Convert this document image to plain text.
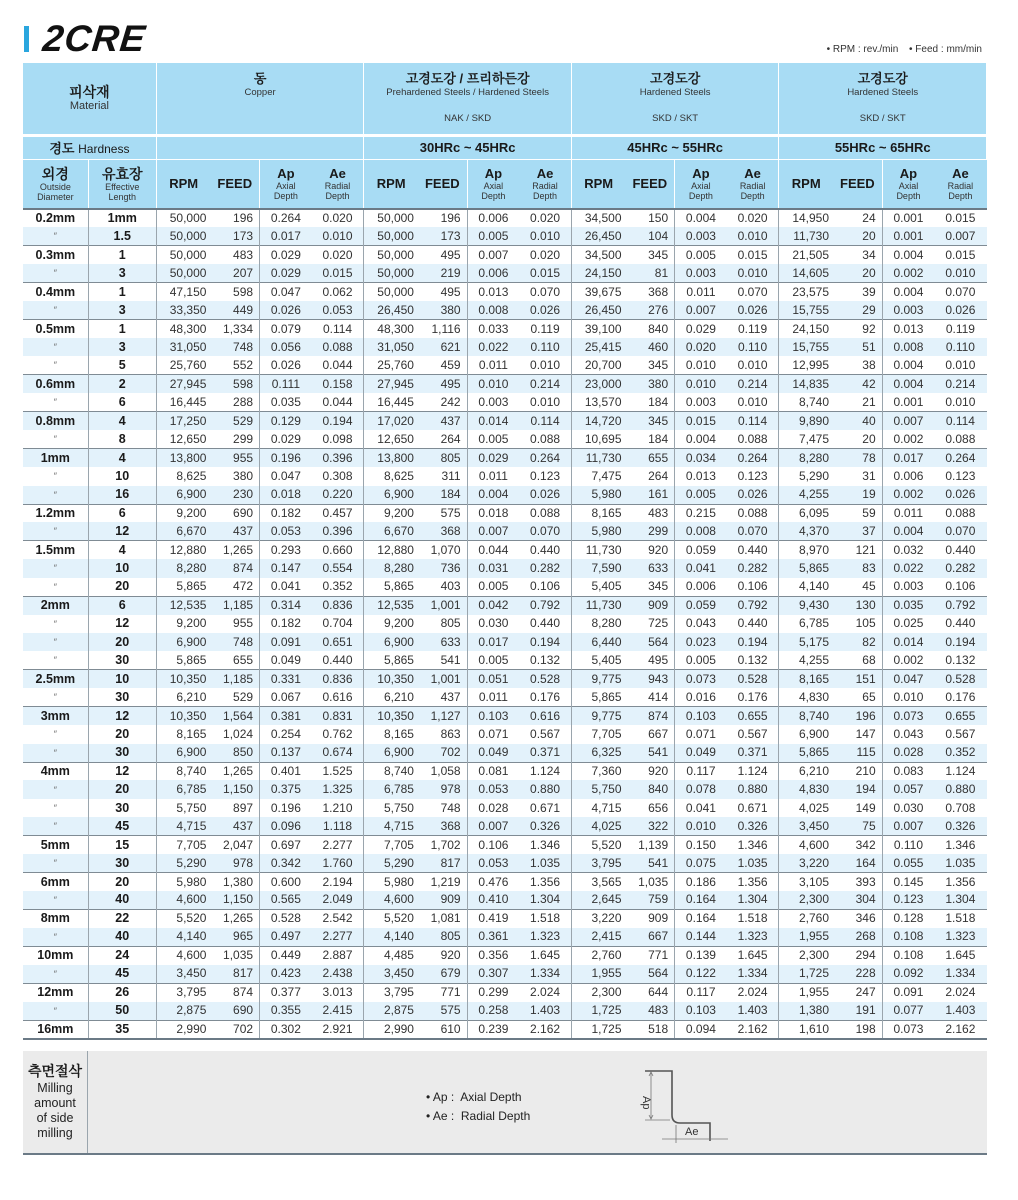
2CRE	• RPM : rev./min • Feed : mm/min
피삭재
Material		동
Copper				고경도강 / 프리하든강
Prehardened Steels / Hardened Steels
NAK / SKD				고경도강
Hardened Steels
SKD / SKT				고경도강
Hardened Steels
SKD / SKT			

경도 Hardness						30HRc ~ 45HRc				45HRc ~ 55HRc				55HRc ~ 65HRc			

외경
Outside
Diameter	유효장
Effective
Length	RPM	FEED	Ap
Axial
Depth	Ae
Radial
Depth	RPM	FEED	Ap
Axial
Depth	Ae
Radial
Depth	RPM	FEED	Ap
Axial
Depth	Ae
Radial
Depth	RPM	FEED	Ap
Axial
Depth	Ae
Radial
Depth

0.2mm	1mm	50,000	196	0.264	0.020	50,000	196	0.006	0.020	34,500	150	0.004	0.020	14,950	24	0.001	0.015
″	1.5	50,000	173	0.017	0.010	50,000	173	0.005	0.010	26,450	104	0.003	0.010	11,730	20	0.001	0.007
0.3mm	1	50,000	483	0.029	0.020	50,000	495	0.007	0.020	34,500	345	0.005	0.015	21,505	34	0.004	0.015
″	3	50,000	207	0.029	0.015	50,000	219	0.006	0.015	24,150	81	0.003	0.010	14,605	20	0.002	0.010
0.4mm	1	47,150	598	0.047	0.062	50,000	495	0.013	0.070	39,675	368	0.011	0.070	23,575	39	0.004	0.070
″	3	33,350	449	0.026	0.053	26,450	380	0.008	0.026	26,450	276	0.007	0.026	15,755	29	0.003	0.026
0.5mm	1	48,300	1,334	0.079	0.114	48,300	1,116	0.033	0.119	39,100	840	0.029	0.119	24,150	92	0.013	0.119
″	3	31,050	748	0.056	0.088	31,050	621	0.022	0.110	25,415	460	0.020	0.110	15,755	51	0.008	0.110
″	5	25,760	552	0.026	0.044	25,760	459	0.011	0.010	20,700	345	0.010	0.010	12,995	38	0.004	0.010
0.6mm	2	27,945	598	0.111	0.158	27,945	495	0.010	0.214	23,000	380	0.010	0.214	14,835	42	0.004	0.214
″	6	16,445	288	0.035	0.044	16,445	242	0.003	0.010	13,570	184	0.003	0.010	8,740	21	0.001	0.010
0.8mm	4	17,250	529	0.129	0.194	17,020	437	0.014	0.114	14,720	345	0.015	0.114	9,890	40	0.007	0.114
″	8	12,650	299	0.029	0.098	12,650	264	0.005	0.088	10,695	184	0.004	0.088	7,475	20	0.002	0.088
1mm	4	13,800	955	0.196	0.396	13,800	805	0.029	0.264	11,730	655	0.034	0.264	8,280	78	0.017	0.264
″	10	8,625	380	0.047	0.308	8,625	311	0.011	0.123	7,475	264	0.013	0.123	5,290	31	0.006	0.123
″	16	6,900	230	0.018	0.220	6,900	184	0.004	0.026	5,980	161	0.005	0.026	4,255	19	0.002	0.026
1.2mm	6	9,200	690	0.182	0.457	9,200	575	0.018	0.088	8,165	483	0.215	0.088	6,095	59	0.011	0.088
″	12	6,670	437	0.053	0.396	6,670	368	0.007	0.070	5,980	299	0.008	0.070	4,370	37	0.004	0.070
1.5mm	4	12,880	1,265	0.293	0.660	12,880	1,070	0.044	0.440	11,730	920	0.059	0.440	8,970	121	0.032	0.440
″	10	8,280	874	0.147	0.554	8,280	736	0.031	0.282	7,590	633	0.041	0.282	5,865	83	0.022	0.282
″	20	5,865	472	0.041	0.352	5,865	403	0.005	0.106	5,405	345	0.006	0.106	4,140	45	0.003	0.106
2mm	6	12,535	1,185	0.314	0.836	12,535	1,001	0.042	0.792	11,730	909	0.059	0.792	9,430	130	0.035	0.792
″	12	9,200	955	0.182	0.704	9,200	805	0.030	0.440	8,280	725	0.043	0.440	6,785	105	0.025	0.440
″	20	6,900	748	0.091	0.651	6,900	633	0.017	0.194	6,440	564	0.023	0.194	5,175	82	0.014	0.194
″	30	5,865	655	0.049	0.440	5,865	541	0.005	0.132	5,405	495	0.005	0.132	4,255	68	0.002	0.132
2.5mm	10	10,350	1,185	0.331	0.836	10,350	1,001	0.051	0.528	9,775	943	0.073	0.528	8,165	151	0.047	0.528
″	30	6,210	529	0.067	0.616	6,210	437	0.011	0.176	5,865	414	0.016	0.176	4,830	65	0.010	0.176
3mm	12	10,350	1,564	0.381	0.831	10,350	1,127	0.103	0.616	9,775	874	0.103	0.655	8,740	196	0.073	0.655
″	20	8,165	1,024	0.254	0.762	8,165	863	0.071	0.567	7,705	667	0.071	0.567	6,900	147	0.043	0.567
″	30	6,900	850	0.137	0.674	6,900	702	0.049	0.371	6,325	541	0.049	0.371	5,865	115	0.028	0.352
4mm	12	8,740	1,265	0.401	1.525	8,740	1,058	0.081	1.124	7,360	920	0.117	1.124	6,210	210	0.083	1.124
″	20	6,785	1,150	0.375	1.325	6,785	978	0.053	0.880	5,750	840	0.078	0.880	4,830	194	0.057	0.880
″	30	5,750	897	0.196	1.210	5,750	748	0.028	0.671	4,715	656	0.041	0.671	4,025	149	0.030	0.708
″	45	4,715	437	0.096	1.118	4,715	368	0.007	0.326	4,025	322	0.010	0.326	3,450	75	0.007	0.326
5mm	15	7,705	2,047	0.697	2.277	7,705	1,702	0.106	1.346	5,520	1,139	0.150	1.346	4,600	342	0.110	1.346
″	30	5,290	978	0.342	1.760	5,290	817	0.053	1.035	3,795	541	0.075	1.035	3,220	164	0.055	1.035
6mm	20	5,980	1,380	0.600	2.194	5,980	1,219	0.476	1.356	3,565	1,035	0.186	1.356	3,105	393	0.145	1.356
″	40	4,600	1,150	0.565	2.049	4,600	909	0.410	1.304	2,645	759	0.164	1.304	2,300	304	0.123	1.304
8mm	22	5,520	1,265	0.528	2.542	5,520	1,081	0.419	1.518	3,220	909	0.164	1.518	2,760	346	0.128	1.518
″	40	4,140	965	0.497	2.277	4,140	805	0.361	1.323	2,415	667	0.144	1.323	1,955	268	0.108	1.323
10mm	24	4,600	1,035	0.449	2.887	4,485	920	0.356	1.645	2,760	771	0.139	1.645	2,300	294	0.108	1.645
″	45	3,450	817	0.423	2.438	3,450	679	0.307	1.334	1,955	564	0.122	1.334	1,725	228	0.092	1.334
12mm	26	3,795	874	0.377	3.013	3,795	771	0.299	2.024	2,300	644	0.117	2.024	1,955	247	0.091	2.024
″	50	2,875	690	0.355	2.415	2,875	575	0.258	1.403	1,725	483	0.103	1.403	1,380	191	0.077	1.403
16mm	35	2,990	702	0.302	2.921	2,990	610	0.239	2.162	1,725	518	0.094	2.162	1,610	198	0.073	2.162
측면절삭
Milling
amount
of side
milling
• Ap :  Axial Depth
• Ae :  Radial Depth
Ap
Ae
